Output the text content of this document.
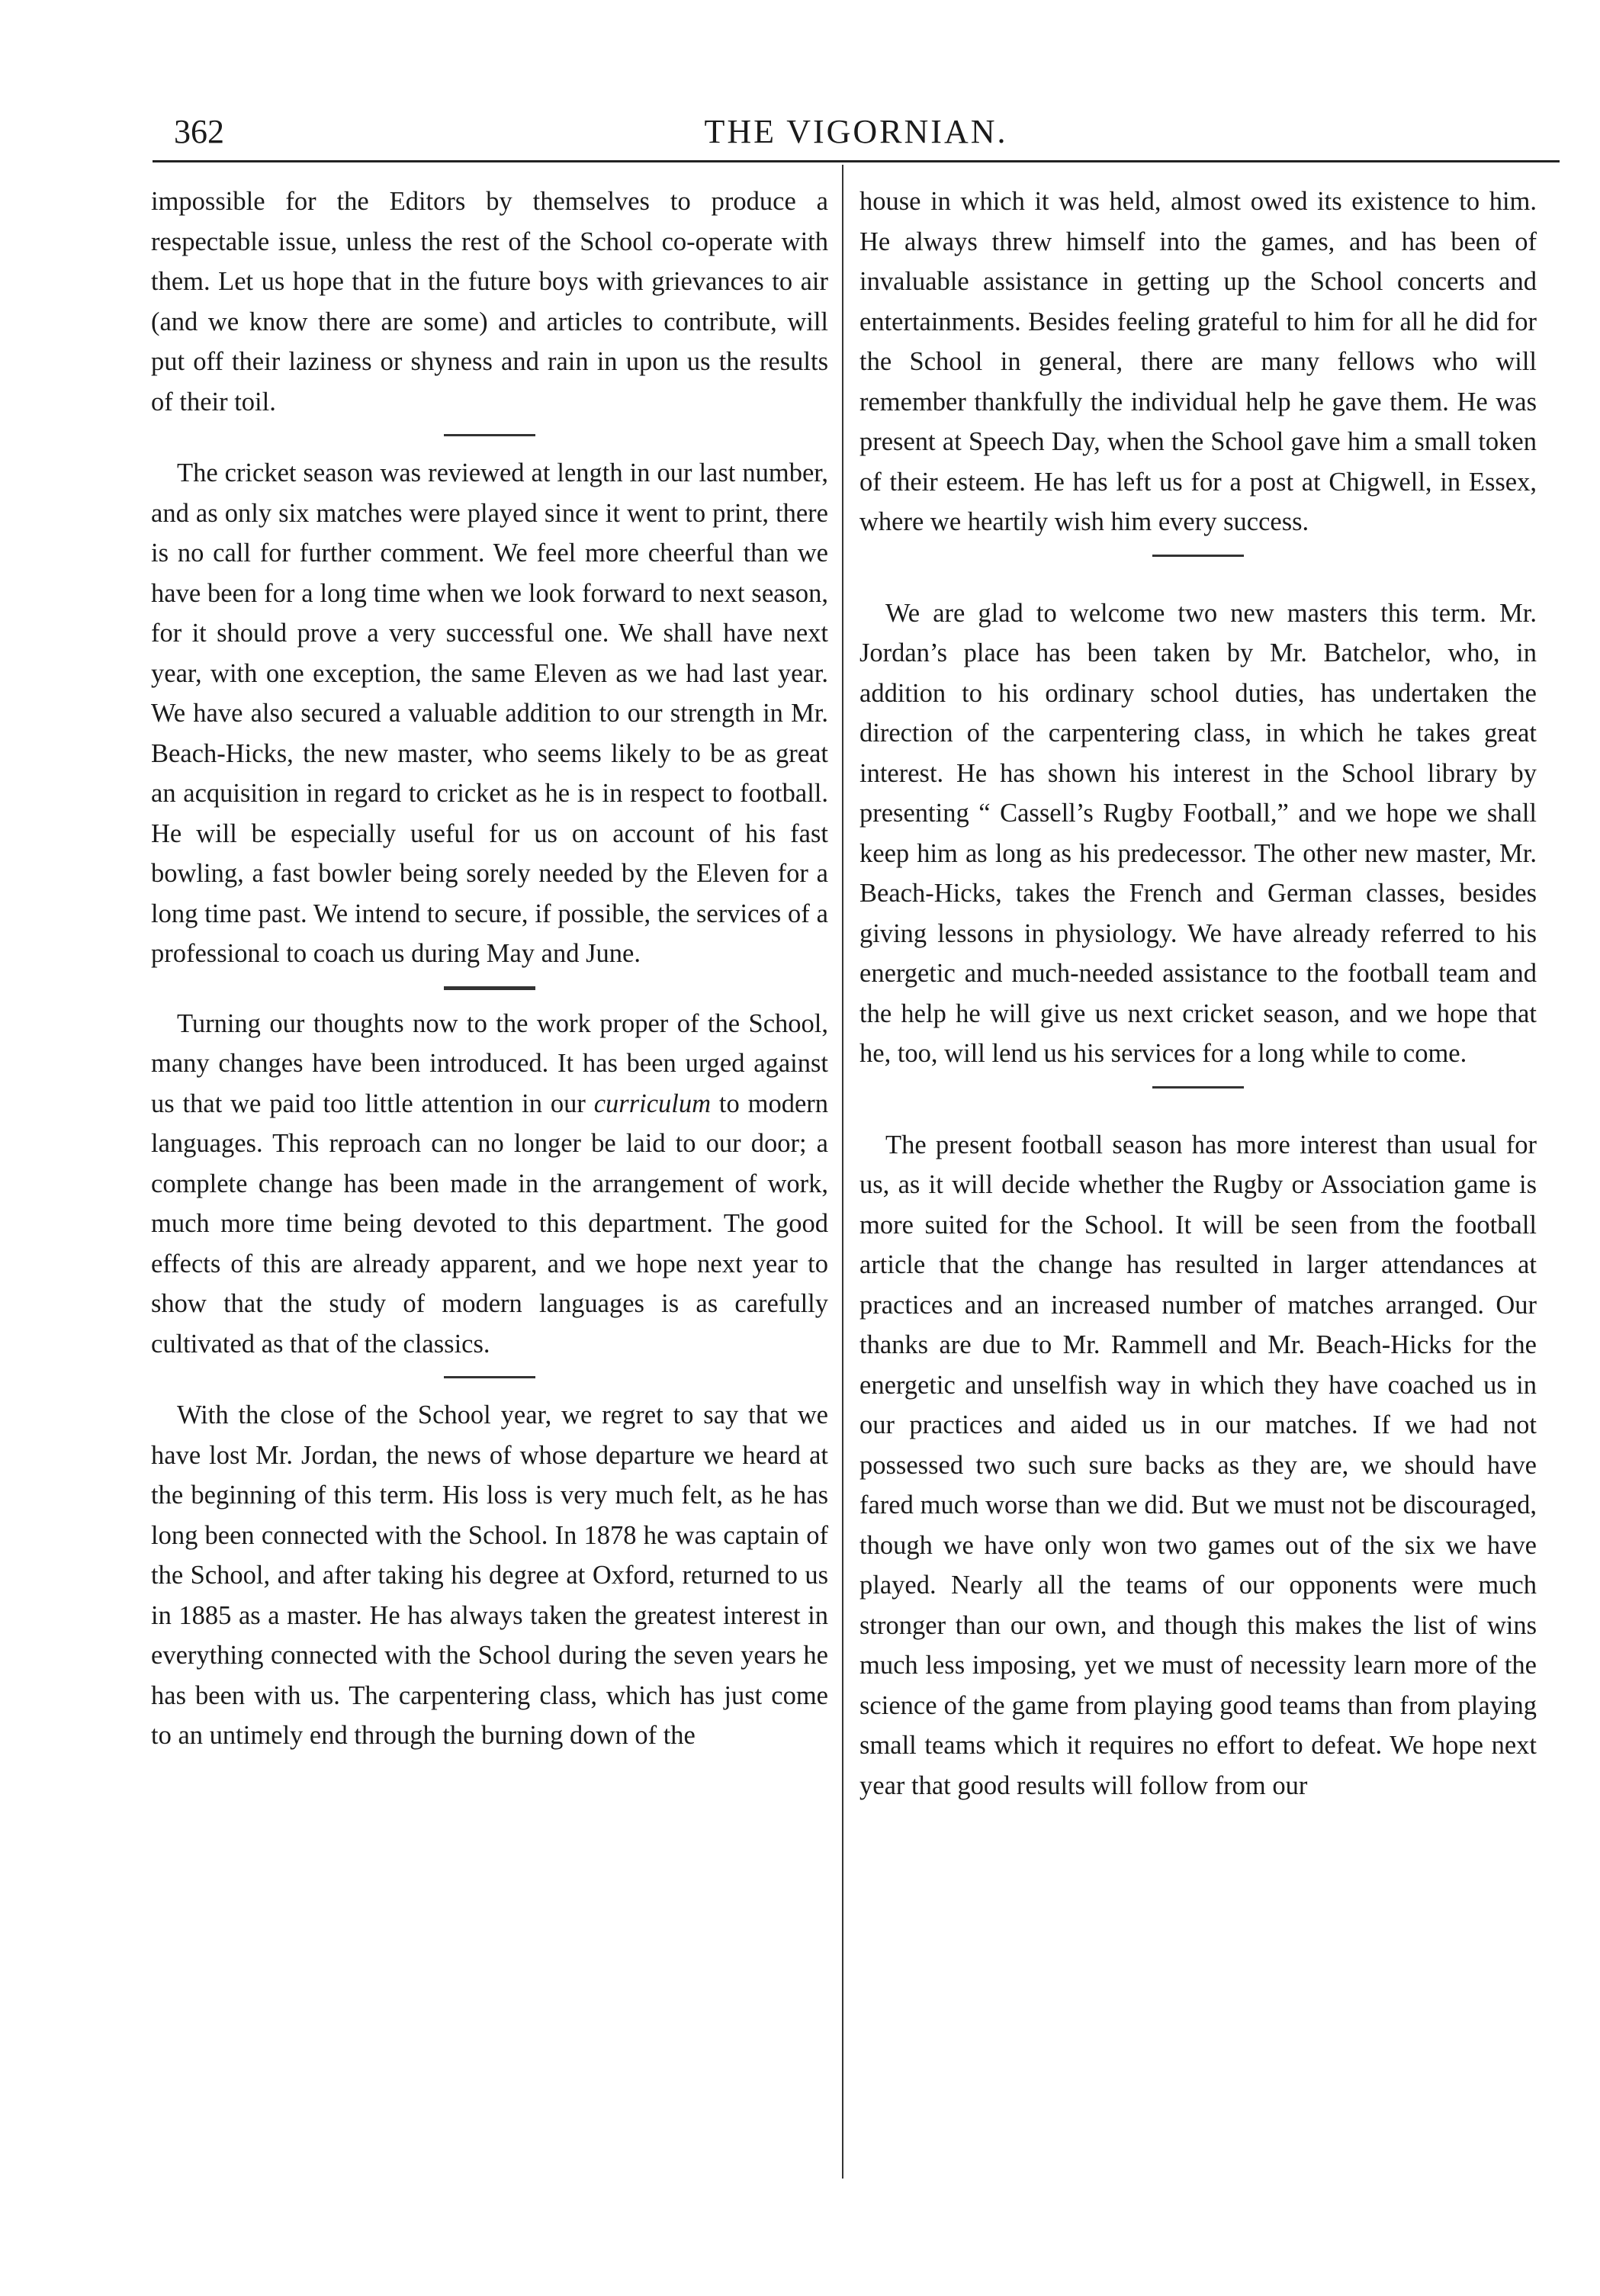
362	THE VIGORNIAN.

impossible for the Editors by themselves to produce a respectable issue, unless the rest of the School co-operate with them. Let us hope that in the future boys with grievances to air (and we know there are some) and articles to contribute, will put off their laziness or shyness and rain in upon us the results of their toil.

The cricket season was reviewed at length in our last number, and as only six matches were played since it went to print, there is no call for further comment. We feel more cheerful than we have been for a long time when we look forward to next season, for it should prove a very successful one. We shall have next year, with one exception, the same Eleven as we had last year. We have also secured a valuable addition to our strength in Mr. Beach-Hicks, the new master, who seems likely to be as great an acquisition in regard to cricket as he is in respect to football. He will be especially useful for us on account of his fast bowling, a fast bowler being sorely needed by the Eleven for a long time past. We intend to secure, if possible, the services of a professional to coach us during May and June.

Turning our thoughts now to the work proper of the School, many changes have been introduced. It has been urged against us that we paid too little attention in our curriculum to modern languages. This reproach can no longer be laid to our door; a complete change has been made in the arrangement of work, much more time being devoted to this department. The good effects of this are already apparent, and we hope next year to show that the study of modern languages is as carefully cultivated as that of the classics.

With the close of the School year, we regret to say that we have lost Mr. Jordan, the news of whose departure we heard at the beginning of this term. His loss is very much felt, as he has long been connected with the School. In 1878 he was captain of the School, and after taking his degree at Oxford, returned to us in 1885 as a master. He has always taken the greatest interest in everything connected with the School during the seven years he has been with us. The carpentering class, which has just come to an untimely end through the burning down of the

house in which it was held, almost owed its existence to him. He always threw himself into the games, and has been of invaluable assistance in getting up the School concerts and entertainments. Besides feeling grateful to him for all he did for the School in general, there are many fellows who will remember thankfully the individual help he gave them. He was present at Speech Day, when the School gave him a small token of their esteem. He has left us for a post at Chigwell, in Essex, where we heartily wish him every success.

We are glad to welcome two new masters this term. Mr. Jordan’s place has been taken by Mr. Batchelor, who, in addition to his ordinary school duties, has undertaken the direction of the carpentering class, in which he takes great interest. He has shown his interest in the School library by presenting “ Cassell’s Rugby Football,” and we hope we shall keep him as long as his predecessor. The other new master, Mr. Beach-Hicks, takes the French and German classes, besides giving lessons in physiology. We have already referred to his energetic and much-needed assistance to the football team and the help he will give us next cricket season, and we hope that he, too, will lend us his services for a long while to come.

The present football season has more interest than usual for us, as it will decide whether the Rugby or Association game is more suited for the School. It will be seen from the football article that the change has resulted in larger attendances at practices and an increased number of matches arranged. Our thanks are due to Mr. Rammell and Mr. Beach-Hicks for the energetic and unselfish way in which they have coached us in our practices and aided us in our matches. If we had not possessed two such sure backs as they are, we should have fared much worse than we did. But we must not be discouraged, though we have only won two games out of the six we have played. Nearly all the teams of our opponents were much stronger than our own, and though this makes the list of wins much less imposing, yet we must of necessity learn more of the science of the game from playing good teams than from playing small teams which it requires no effort to defeat. We hope next year that good results will follow from our
